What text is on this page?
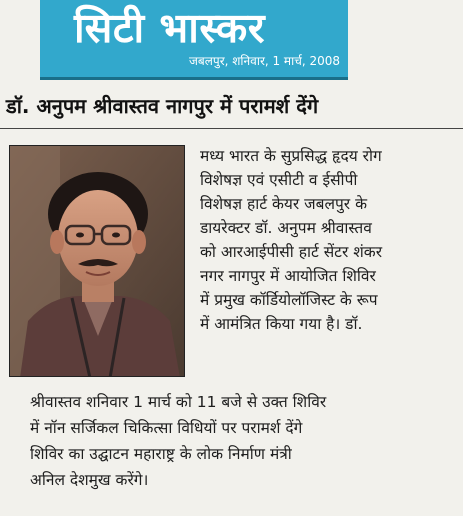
सिटी भास्कर
जबलपुर, शनिवार, 1 मार्च, 2008
डॉ. अनुपम श्रीवास्तव नागपुर में परामर्श देंगे
मध्य भारत के सुप्रसिद्ध हृदय रोग
विशेषज्ञ एवं एसीटी व ईसीपी
विशेषज्ञ हार्ट केयर जबलपुर के
डायरेक्टर डॉ. अनुपम श्रीवास्तव
को आरआईपीसी हार्ट सेंटर शंकर
नगर नागपुर में आयोजित शिविर
में प्रमुख कॉर्डियोलॉजिस्ट के रूप
में आमंत्रित किया गया है। डॉ.
श्रीवास्तव शनिवार 1 मार्च को 11 बजे से उक्त शिविर
में नॉन सर्जिकल चिकित्सा विधियों पर परामर्श देंगे
शिविर का उद्घाटन महाराष्ट्र के लोक निर्माण मंत्री
अनिल देशमुख करेंगे।
